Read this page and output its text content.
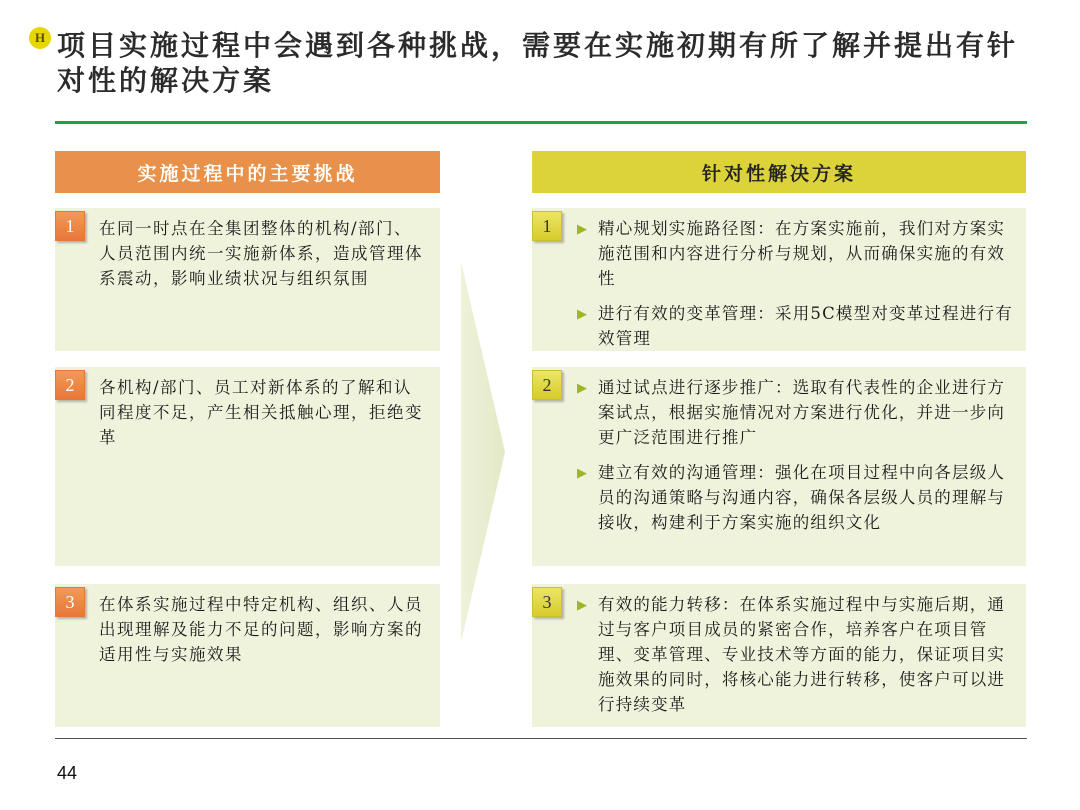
H 项目实施过程中会遇到各种挑战，需要在实施初期有所了解并提出有针对性的解决方案
实施过程中的主要挑战	针对性解决方案
1	在同一时点在全集团整体的机构/部门、人员范围内统一实施新体系，造成管理体系震动，影响业绩状况与组织氛围

2	各机构/部门、员工对新体系的了解和认同程度不足，产生相关抵触心理，拒绝变革

3	在体系实施过程中特定机构、组织、人员出现理解及能力不足的问题，影响方案的适用性与实施效果

1	▶ 精心规划实施路径图：在方案实施前，我们对方案实施范围和内容进行分析与规划，从而确保实施的有效性

▶ 进行有效的变革管理：采用5C模型对变革过程进行有效管理

2	▶ 通过试点进行逐步推广：选取有代表性的企业进行方案试点，根据实施情况对方案进行优化，并进一步向更广泛范围进行推广

▶ 建立有效的沟通管理：强化在项目过程中向各层级人员的沟通策略与沟通内容，确保各层级人员的理解与接收，构建利于方案实施的组织文化

3	▶ 有效的能力转移：在体系实施过程中与实施后期，通过与客户项目成员的紧密合作，培养客户在项目管理、变革管理、专业技术等方面的能力，保证项目实施效果的同时，将核心能力进行转移，使客户可以进行持续变革

44
